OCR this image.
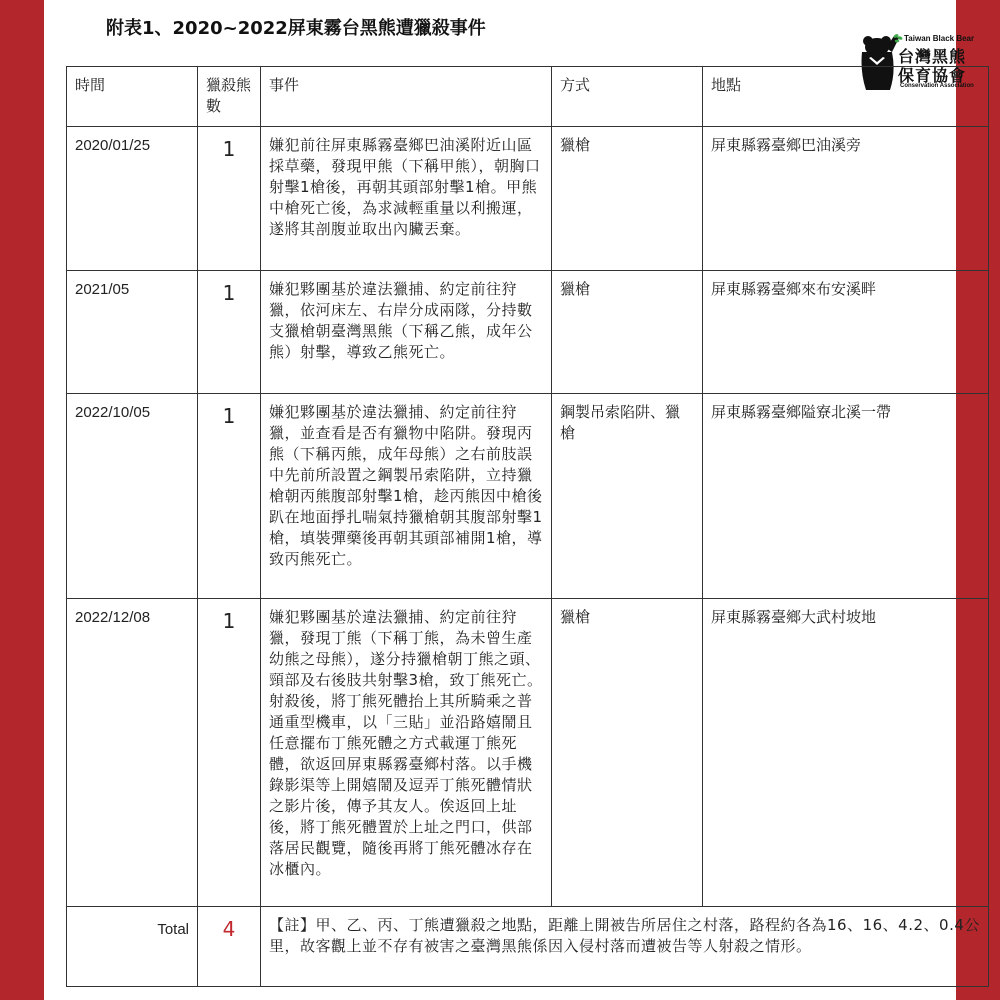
附表1、2020~2022屏東霧台黑熊遭獵殺事件	Taiwan Black Bear
台灣黑熊
保育協會
Conservation Association
時間	獵殺熊數	事件	方式	地點
2020/01/25	1	嫌犯前往屏東縣霧臺鄉巴油溪附近山區採草藥，發現甲熊（下稱甲熊），朝胸口射擊1槍後，再朝其頭部射擊1槍。甲熊中槍死亡後，為求減輕重量以利搬運，遂將其剖腹並取出內臟丟棄。	獵槍	屏東縣霧臺鄉巴油溪旁
2021/05	1	嫌犯夥團基於違法獵捕、約定前往狩獵，依河床左、右岸分成兩隊，分持數支獵槍朝臺灣黑熊（下稱乙熊，成年公熊）射擊，導致乙熊死亡。	獵槍	屏東縣霧臺鄉來布安溪畔
2022/10/05	1	嫌犯夥團基於違法獵捕、約定前往狩獵，並查看是否有獵物中陷阱。發現丙熊（下稱丙熊，成年母熊）之右前肢誤中先前所設置之鋼製吊索陷阱，立持獵槍朝丙熊腹部射擊1槍，趁丙熊因中槍後趴在地面掙扎喘氣持獵槍朝其腹部射擊1槍，填裝彈藥後再朝其頭部補開1槍，導致丙熊死亡。	鋼製吊索陷阱、獵槍	屏東縣霧臺鄉隘寮北溪一帶
2022/12/08	1	嫌犯夥團基於違法獵捕、約定前往狩獵，發現丁熊（下稱丁熊，為未曾生產幼熊之母熊），遂分持獵槍朝丁熊之頭、頸部及右後肢共射擊3槍，致丁熊死亡。射殺後，將丁熊死體抬上其所騎乘之普通重型機車，以「三貼」並沿路嬉鬧且任意擺布丁熊死體之方式載運丁熊死體，欲返回屏東縣霧臺鄉村落。以手機錄影渠等上開嬉鬧及逗弄丁熊死體情狀之影片後，傳予其友人。俟返回上址後，將丁熊死體置於上址之門口，供部落居民觀覽，隨後再將丁熊死體冰存在冰櫃內。	獵槍	屏東縣霧臺鄉大武村坡地
Total	4	【註】甲、乙、丙、丁熊遭獵殺之地點，距離上開被告所居住之村落，路程約各為16、16、4.2、0.4公里，故客觀上並不存有被害之臺灣黑熊係因入侵村落而遭被告等人射殺之情形。		
